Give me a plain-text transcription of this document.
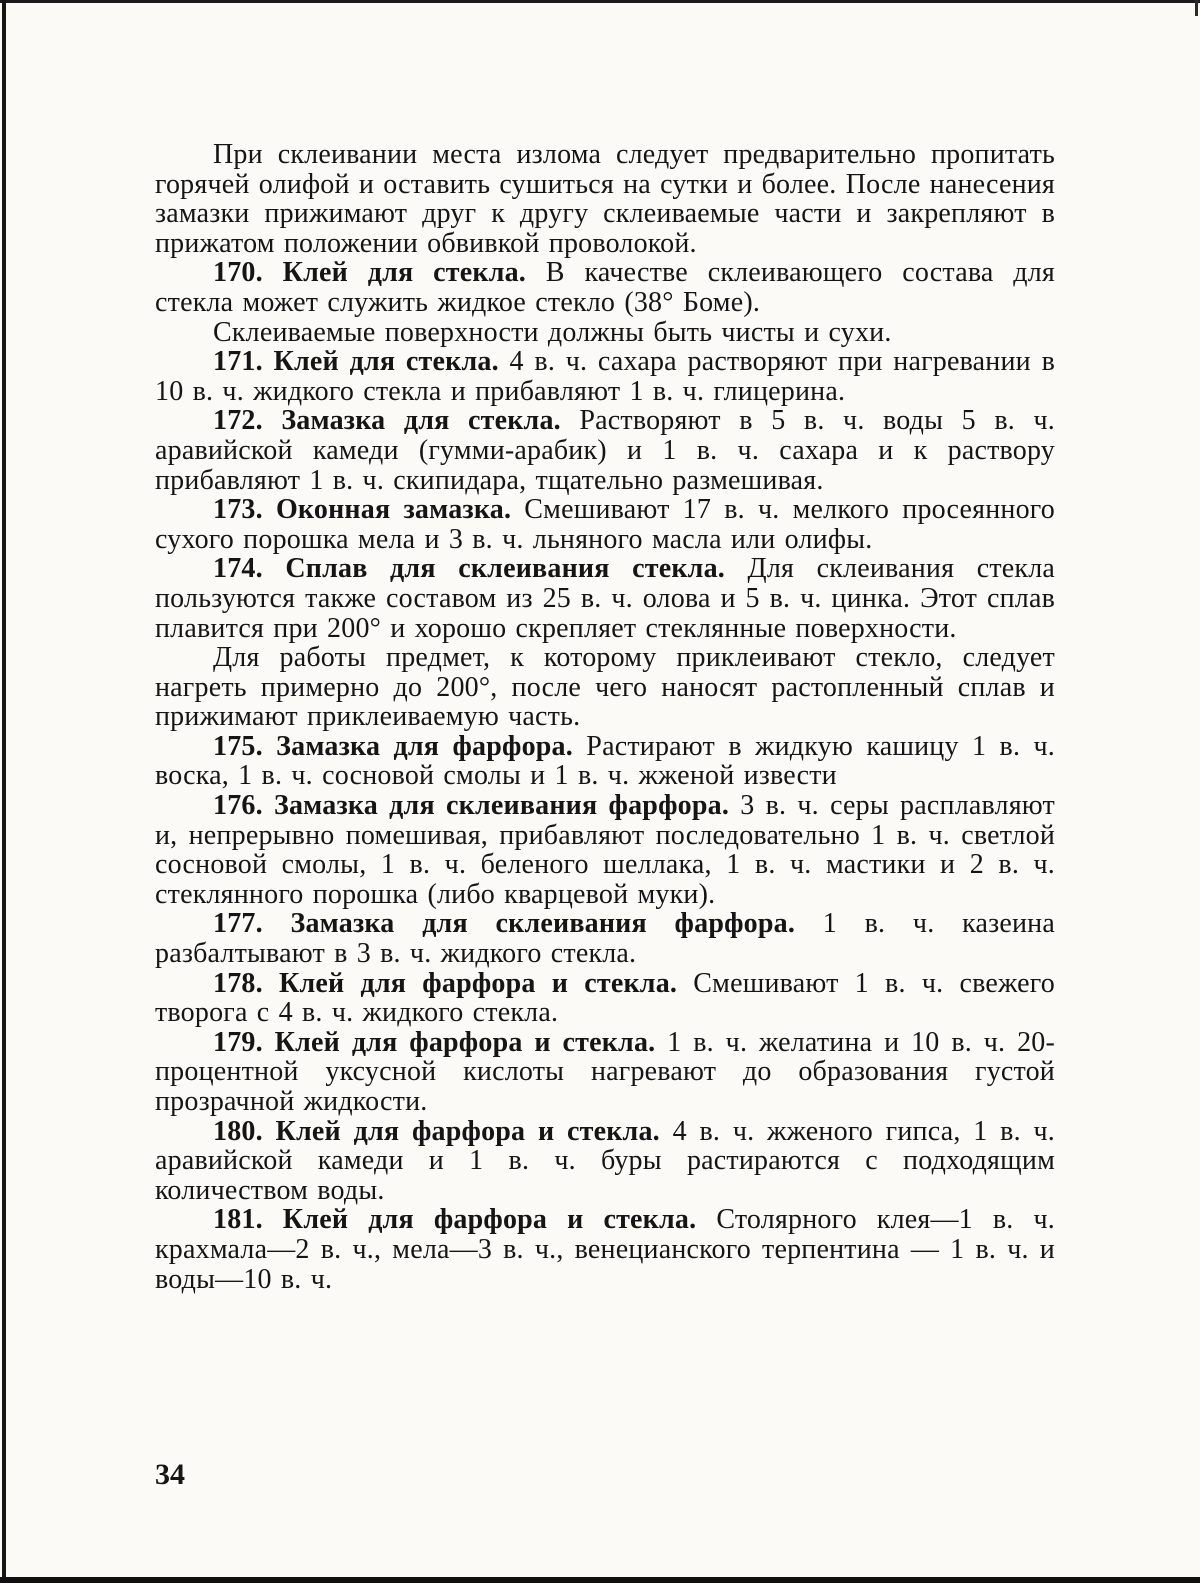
При склеивании места излома следует предварительно пропитать горячей олифой и оставить сушиться на сутки и более. После нанесения замазки прижимают друг к другу склеиваемые части и закрепляют в прижатом положении обвивкой проволокой.

170. Клей для стекла. В качестве склеивающего состава для стекла может служить жидкое стекло (38° Боме).

Склеиваемые поверхности должны быть чисты и сухи.

171. Клей для стекла. 4 в. ч. сахара растворяют при нагревании в 10 в. ч. жидкого стекла и прибавляют 1 в. ч. глицерина.

172. Замазка для стекла. Растворяют в 5 в. ч. воды 5 в. ч. аравийской камеди (гумми-арабик) и 1 в. ч. сахара и к раствору прибавляют 1 в. ч. скипидара, тщательно размешивая.

173. Оконная замазка. Смешивают 17 в. ч. мелкого просеянного сухого порошка мела и 3 в. ч. льняного масла или олифы.

174. Сплав для склеивания стекла. Для склеивания стекла пользуются также составом из 25 в. ч. олова и 5 в. ч. цинка. Этот сплав плавится при 200° и хорошо скрепляет стеклянные поверхности.

Для работы предмет, к которому приклеивают стекло, следует нагреть примерно до 200°, после чего наносят растопленный сплав и прижимают приклеиваемую часть.

175. Замазка для фарфора. Растирают в жидкую кашицу 1 в. ч. воска, 1 в. ч. сосновой смолы и 1 в. ч. жженой извести

176. Замазка для склеивания фарфора. 3 в. ч. серы расплавляют и, непрерывно помешивая, прибавляют последовательно 1 в. ч. светлой сосновой смолы, 1 в. ч. беленого шеллака, 1 в. ч. мастики и 2 в. ч. стеклянного порошка (либо кварцевой муки).

177. Замазка для склеивания фарфора. 1 в. ч. казеина разбалтывают в 3 в. ч. жидкого стекла.

178. Клей для фарфора и стекла. Смешивают 1 в. ч. свежего творога с 4 в. ч. жидкого стекла.

179. Клей для фарфора и стекла. 1 в. ч. желатина и 10 в. ч. 20-процентной уксусной кислоты нагревают до образования густой прозрачной жидкости.

180. Клей для фарфора и стекла. 4 в. ч. жженого гипса, 1 в. ч. аравийской камеди и 1 в. ч. буры растираются с подходящим количеством воды.

181. Клей для фарфора и стекла. Столярного клея—1 в. ч. крахмала—2 в. ч., мела—3 в. ч., венецианского терпентина — 1 в. ч. и воды—10 в. ч.

34
